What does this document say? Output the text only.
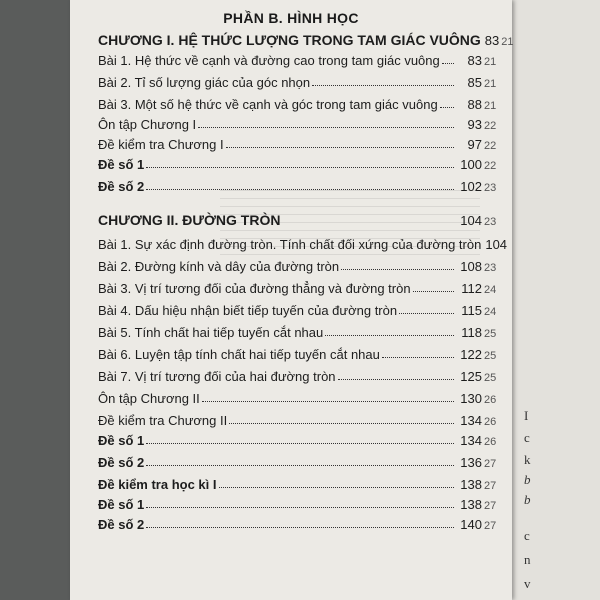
I
c
k
b
b
c
n
v
PHẦN B. HÌNH HỌC
CHƯƠNG I. HỆ THỨC LƯỢNG TRONG TAM GIÁC VUÔNG 83 21
Bài 1. Hệ thức về cạnh và đường cao trong tam giác vuông	83 21
Bài 2. Tỉ số lượng giác của góc nhọn	85 21
Bài 3. Một số hệ thức về cạnh và góc trong tam giác vuông	88 21
Ôn tập Chương I	93 22
Đề kiểm tra Chương I	97 22
Đề số 1	100 22
Đề số 2	102 23
CHƯƠNG II. ĐƯỜNG TRÒN	104 23
Bài 1. Sự xác định đường tròn. Tính chất đối xứng của đường tròn 104
Bài 2. Đường kính và dây của đường tròn	108 23
Bài 3. Vị trí tương đối của đường thẳng và đường tròn	112 24
Bài 4. Dấu hiệu nhận biết tiếp tuyến của đường tròn	115 24
Bài 5. Tính chất hai tiếp tuyến cắt nhau	118 25
Bài 6. Luyện tập tính chất hai tiếp tuyến cắt nhau	122 25
Bài 7. Vị trí tương đối của hai đường tròn	125 25
Ôn tập Chương II	130 26
Đề kiểm tra Chương II	134 26
Đề số 1	134 26
Đề số 2	136 27
Đề kiểm tra học kì I	138 27
Đề số 1	138 27
Đề số 2	140 27
